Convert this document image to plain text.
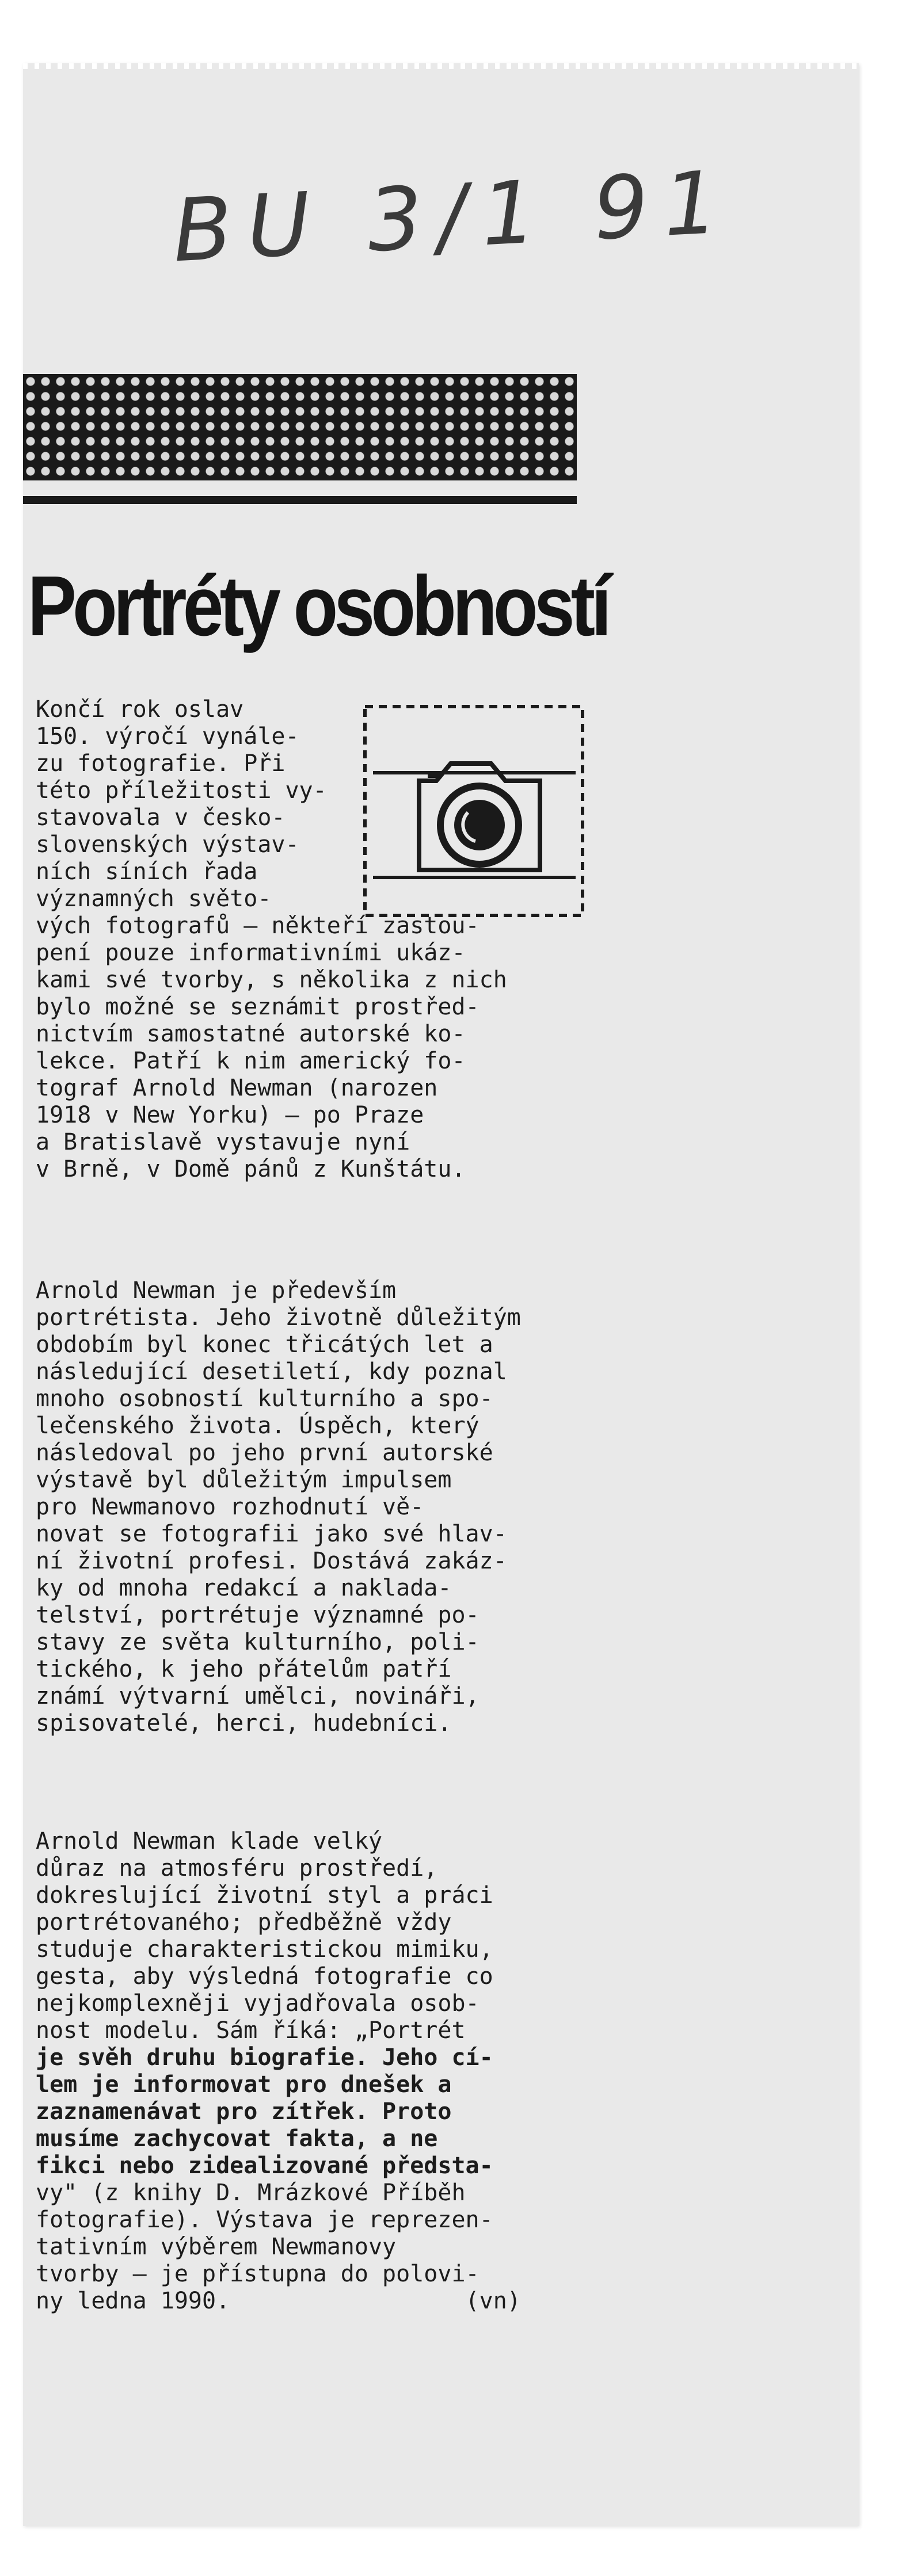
BU 3/1 91
Portréty osobností
Končí rok oslav
150. výročí vynále-
zu fotografie. Při
této příležitosti vy-
stavovala v česko-
slovenských výstav-
ních síních řada
významných světo-
vých fotografů — někteří zastou-
pení pouze informativními ukáz-
kami své tvorby, s několika z nich
bylo možné se seznámit prostřed-
nictvím samostatné autorské ko-
lekce. Patří k nim americký fo-
tograf Arnold Newman (narozen
1918 v New Yorku) — po Praze
a Bratislavě vystavuje nyní
v Brně, v Domě pánů z Kunštátu.
Arnold Newman je především
portrétista. Jeho životně důležitým
obdobím byl konec třicátých let a
následující desetiletí, kdy poznal
mnoho osobností kulturního a spo-
lečenského života. Úspěch, který
následoval po jeho první autorské
výstavě byl důležitým impulsem
pro Newmanovo rozhodnutí vě-
novat se fotografii jako své hlav-
ní životní profesi. Dostává zakáz-
ky od mnoha redakcí a naklada-
telství, portrétuje významné po-
stavy ze světa kulturního, poli-
tického, k jeho přátelům patří
známí výtvarní umělci, novináři,
spisovatelé, herci, hudebníci.
Arnold Newman klade velký
důraz na atmosféru prostředí,
dokreslující životní styl a práci
portrétovaného; předběžně vždy
studuje charakteristickou mimiku,
gesta, aby výsledná fotografie co
nejkomplexněji vyjadřovala osob-
nost modelu. Sám říká: „Portrét
je svěh druhu biografie. Jeho cí-
lem je informovat pro dnešek a
zaznamenávat pro zítřek. Proto
musíme zachycovat fakta, a ne
fikci nebo zidealizované předsta-
vy" (z knihy D. Mrázkové Příběh
fotografie). Výstava je reprezen-
tativním výběrem Newmanovy
tvorby — je přístupna do polovi-
ny ledna 1990.                 (vn)
